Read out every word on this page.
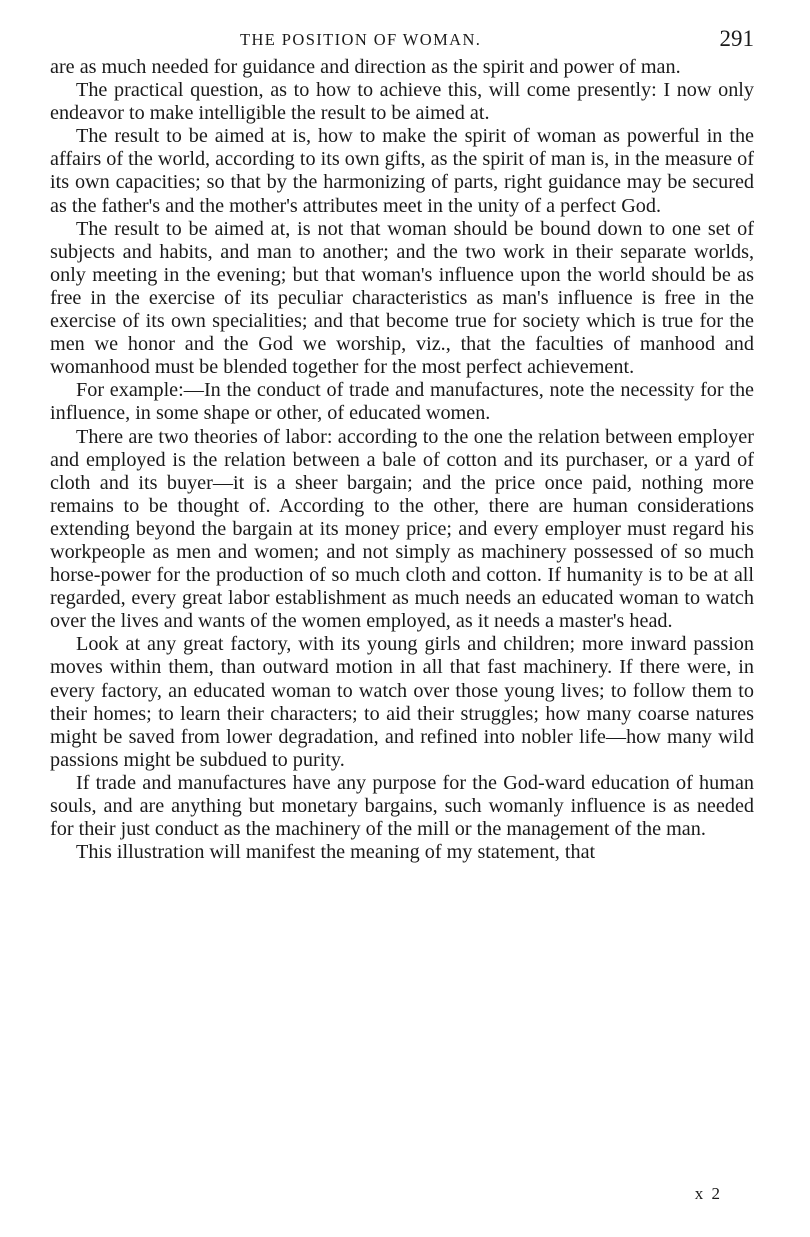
THE POSITION OF WOMAN.	291

are as much needed for guidance and direction as the spirit and power of man.

The practical question, as to how to achieve this, will come presently: I now only endeavor to make intelligible the result to be aimed at.

The result to be aimed at is, how to make the spirit of woman as powerful in the affairs of the world, according to its own gifts, as the spirit of man is, in the measure of its own capacities; so that by the harmonizing of parts, right guidance may be secured as the father's and the mother's attributes meet in the unity of a perfect God.

The result to be aimed at, is not that woman should be bound down to one set of subjects and habits, and man to another; and the two work in their separate worlds, only meeting in the evening; but that woman's influence upon the world should be as free in the exercise of its peculiar characteristics as man's influence is free in the exercise of its own specialities; and that become true for society which is true for the men we honor and the God we worship, viz., that the faculties of manhood and womanhood must be blended together for the most perfect achievement.

For example:—In the conduct of trade and manufactures, note the necessity for the influence, in some shape or other, of educated women.

There are two theories of labor: according to the one the relation between employer and employed is the relation between a bale of cotton and its purchaser, or a yard of cloth and its buyer—it is a sheer bargain; and the price once paid, nothing more remains to be thought of. According to the other, there are human considerations extending beyond the bargain at its money price; and every employer must regard his workpeople as men and women; and not simply as machinery possessed of so much horse-power for the production of so much cloth and cotton. If humanity is to be at all regarded, every great labor establishment as much needs an educated woman to watch over the lives and wants of the women employed, as it needs a master's head.

Look at any great factory, with its young girls and children; more inward passion moves within them, than outward motion in all that fast machinery. If there were, in every factory, an educated woman to watch over those young lives; to follow them to their homes; to learn their characters; to aid their struggles; how many coarse natures might be saved from lower degradation, and refined into nobler life—how many wild passions might be subdued to purity.

If trade and manufactures have any purpose for the God-ward education of human souls, and are anything but monetary bargains, such womanly influence is as needed for their just conduct as the machinery of the mill or the management of the man.

This illustration will manifest the meaning of my statement, that

x 2
